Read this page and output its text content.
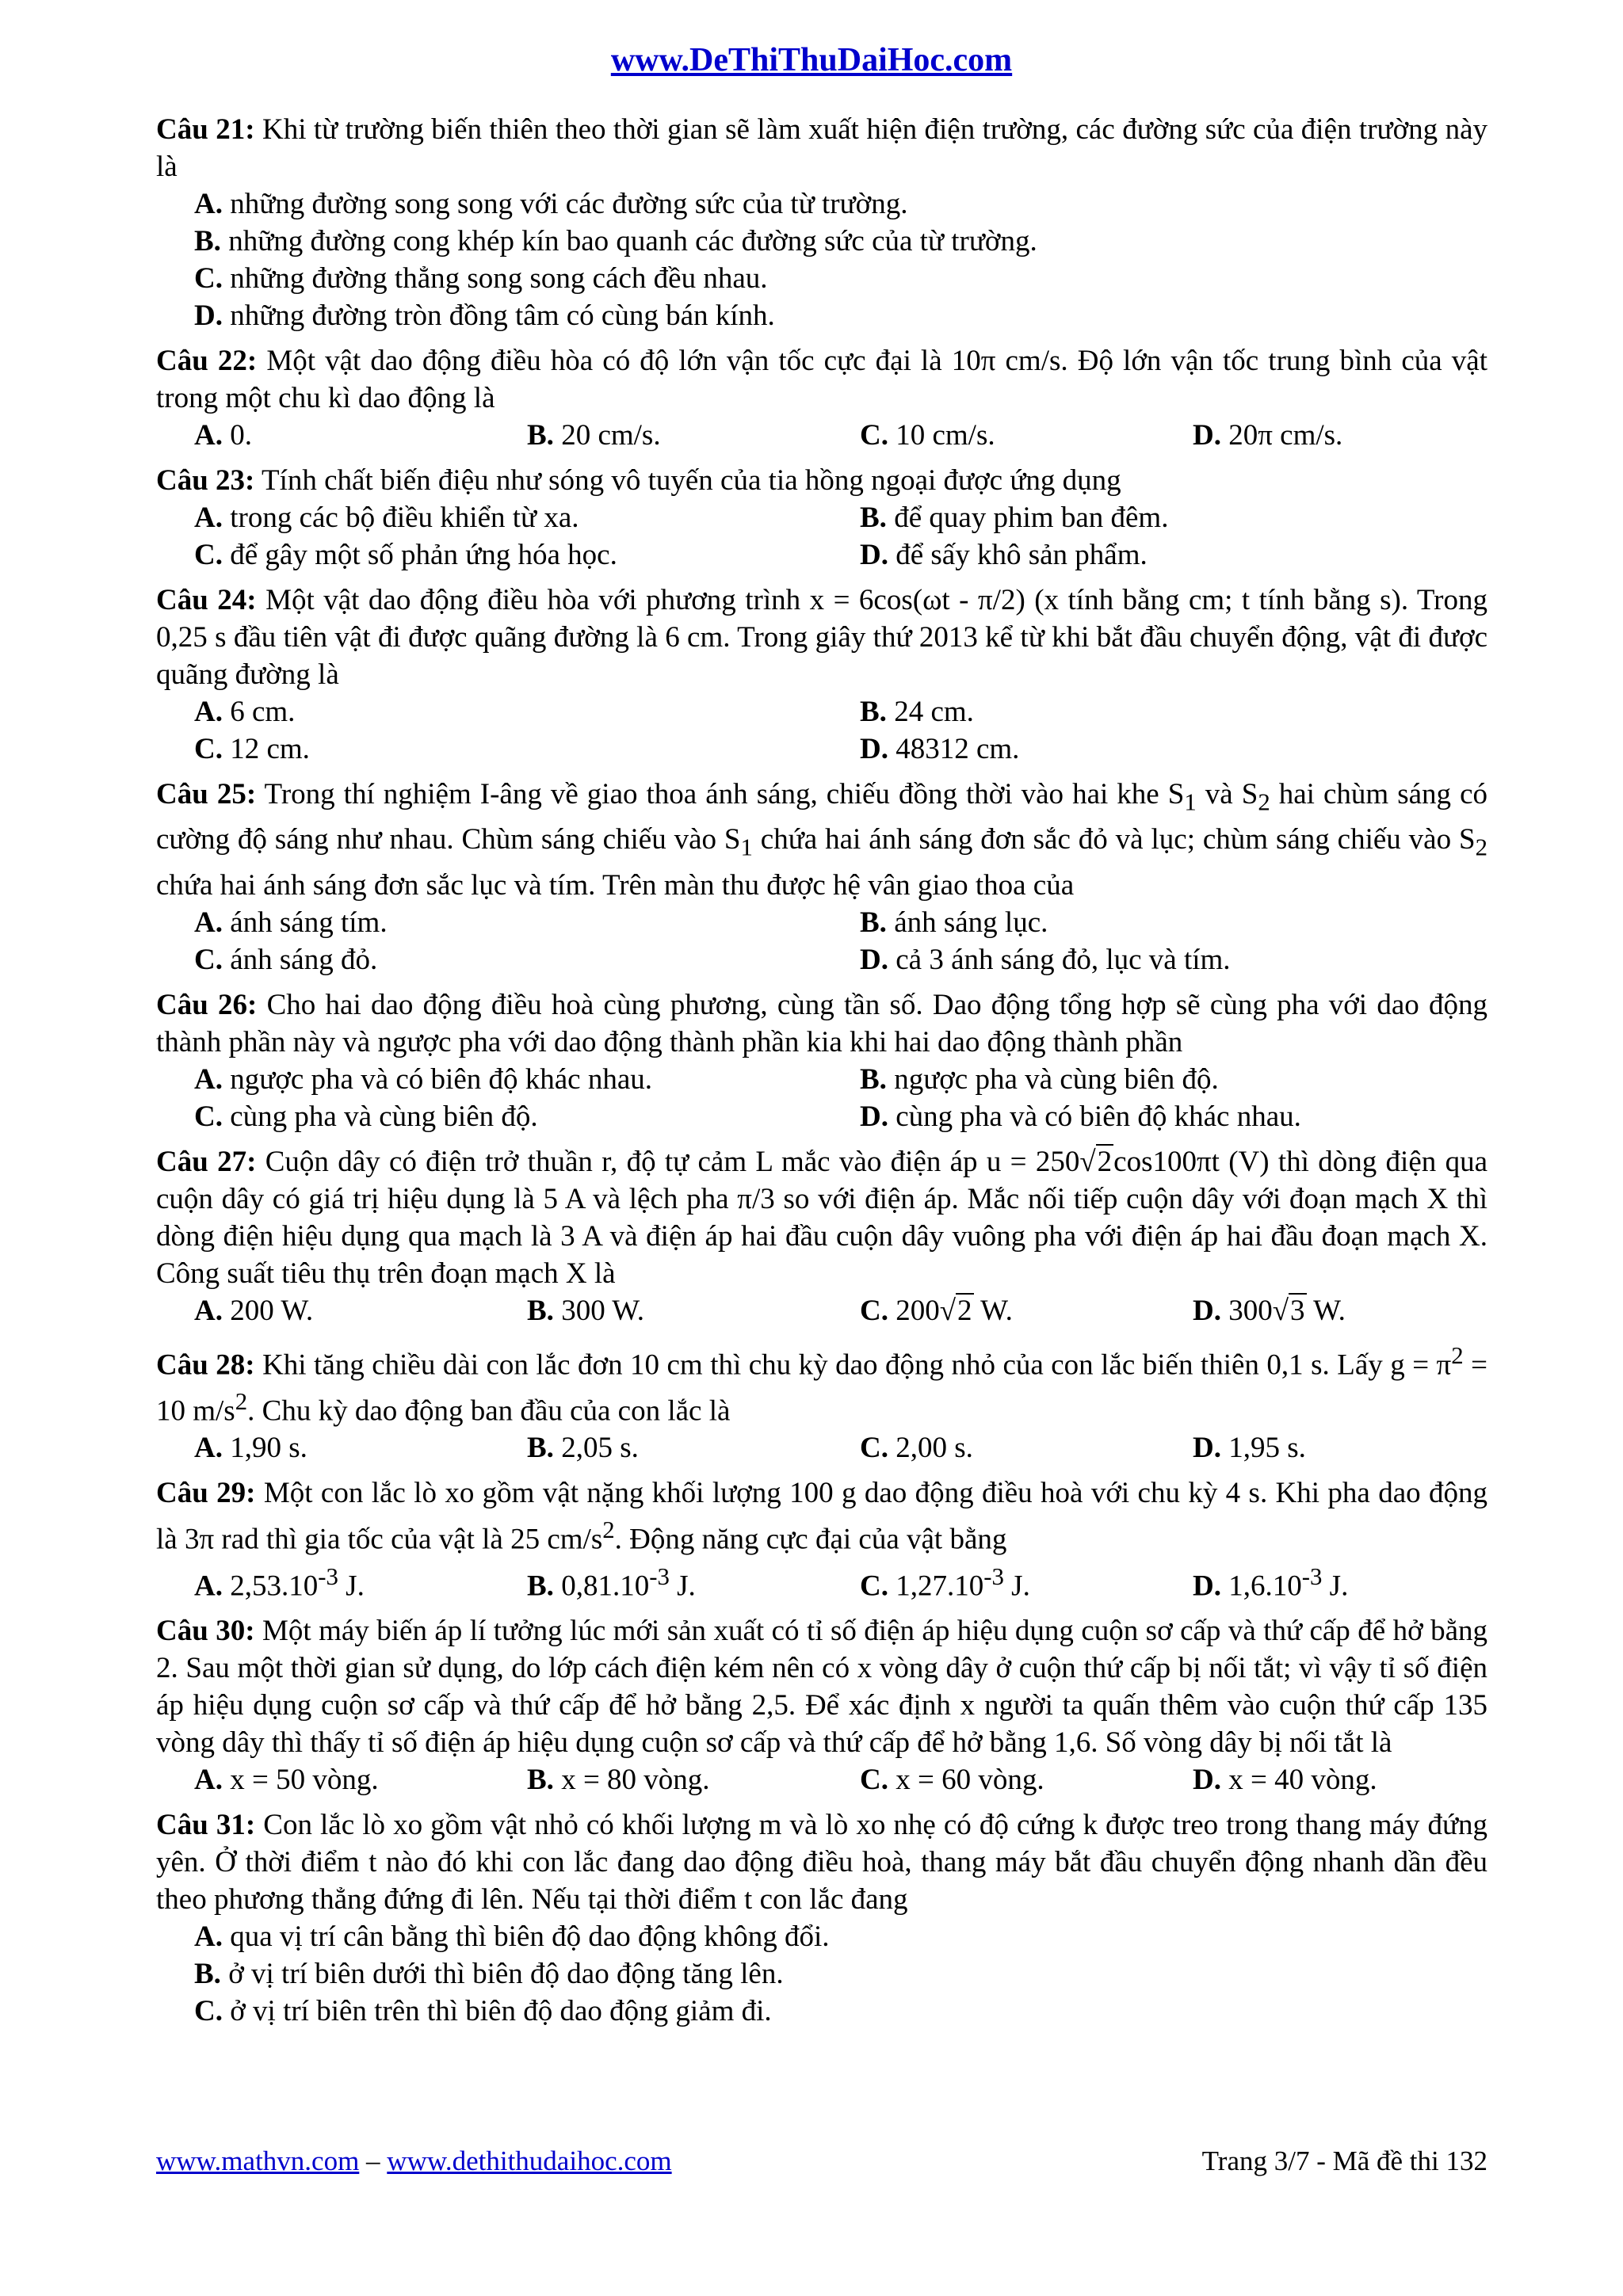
www.DeThiThuDaiHoc.com
Câu 21: Khi từ trường biến thiên theo thời gian sẽ làm xuất hiện điện trường, các đường sức của điện trường này là
A. những đường song song với các đường sức của từ trường.
B. những đường cong khép kín bao quanh các đường sức của từ trường.
C. những đường thẳng song song cách đều nhau.
D. những đường tròn đồng tâm có cùng bán kính.
Câu 22: Một vật dao động điều hòa có độ lớn vận tốc cực đại là 10π cm/s. Độ lớn vận tốc trung bình của vật trong một chu kì dao động là
A. 0.	B. 20 cm/s.	C. 10 cm/s.	D. 20π cm/s.
Câu 23: Tính chất biến điệu như sóng vô tuyến của tia hồng ngoại được ứng dụng
A. trong các bộ điều khiển từ xa.	B. để quay phim ban đêm.
C. để gây một số phản ứng hóa học.	D. để sấy khô sản phẩm.
Câu 24: Một vật dao động điều hòa với phương trình x = 6cos(ωt - π/2) (x tính bằng cm; t tính bằng s). Trong 0,25 s đầu tiên vật đi được quãng đường là 6 cm. Trong giây thứ 2013 kể từ khi bắt đầu chuyển động, vật đi được quãng đường là
A. 6 cm.	B. 24 cm.
C. 12 cm.	D. 48312 cm.
Câu 25: Trong thí nghiệm I-âng về giao thoa ánh sáng, chiếu đồng thời vào hai khe $S_1$ và $S_2$ hai chùm sáng có cường độ sáng như nhau. Chùm sáng chiếu vào $S_1$ chứa hai ánh sáng đơn sắc đỏ và lục; chùm sáng chiếu vào $S_2$ chứa hai ánh sáng đơn sắc lục và tím. Trên màn thu được hệ vân giao thoa của
A. ánh sáng tím.	B. ánh sáng lục.
C. ánh sáng đỏ.	D. cả 3 ánh sáng đỏ, lục và tím.
Câu 26: Cho hai dao động điều hoà cùng phương, cùng tần số. Dao động tổng hợp sẽ cùng pha với dao động thành phần này và ngược pha với dao động thành phần kia khi hai dao động thành phần
A. ngược pha và có biên độ khác nhau.	B. ngược pha và cùng biên độ.
C. cùng pha và cùng biên độ.	D. cùng pha và có biên độ khác nhau.
Câu 27: Cuộn dây có điện trở thuần r, độ tự cảm L mắc vào điện áp u = 250√2cos100πt (V) thì dòng điện qua cuộn dây có giá trị hiệu dụng là 5 A và lệch pha π/3 so với điện áp. Mắc nối tiếp cuộn dây với đoạn mạch X thì dòng điện hiệu dụng qua mạch là 3 A và điện áp hai đầu cuộn dây vuông pha với điện áp hai đầu đoạn mạch X. Công suất tiêu thụ trên đoạn mạch X là
A. 200 W.	B. 300 W.	C. 200√2 W.	D. 300√3 W.
Câu 28: Khi tăng chiều dài con lắc đơn 10 cm thì chu kỳ dao động nhỏ của con lắc biến thiên 0,1 s. Lấy $g = \pi^2 = 10$ $m/s^2$. Chu kỳ dao động ban đầu của con lắc là
A. 1,90 s.	B. 2,05 s.	C. 2,00 s.	D. 1,95 s.
Câu 29: Một con lắc lò xo gồm vật nặng khối lượng 100 g dao động điều hoà với chu kỳ 4 s. Khi pha dao động là 3π rad thì gia tốc của vật là 25 $cm/s^2$. Động năng cực đại của vật bằng
A. $2,53.10^{-3}$ J.	B. $0,81.10^{-3}$ J.	C. $1,27.10^{-3}$ J.	D. $1,6.10^{-3}$ J.
Câu 30: Một máy biến áp lí tưởng lúc mới sản xuất có tỉ số điện áp hiệu dụng cuộn sơ cấp và thứ cấp để hở bằng 2. Sau một thời gian sử dụng, do lớp cách điện kém nên có x vòng dây ở cuộn thứ cấp bị nối tắt; vì vậy tỉ số điện áp hiệu dụng cuộn sơ cấp và thứ cấp để hở bằng 2,5. Để xác định x người ta quấn thêm vào cuộn thứ cấp 135 vòng dây thì thấy tỉ số điện áp hiệu dụng cuộn sơ cấp và thứ cấp để hở bằng 1,6. Số vòng dây bị nối tắt là
A. x = 50 vòng.	B. x = 80 vòng.	C. x = 60 vòng.	D. x = 40 vòng.
Câu 31: Con lắc lò xo gồm vật nhỏ có khối lượng m và lò xo nhẹ có độ cứng k được treo trong thang máy đứng yên. Ở thời điểm t nào đó khi con lắc đang dao động điều hoà, thang máy bắt đầu chuyển động nhanh dần đều theo phương thẳng đứng đi lên. Nếu tại thời điểm t con lắc đang
A. qua vị trí cân bằng thì biên độ dao động không đổi.
B. ở vị trí biên dưới thì biên độ dao động tăng lên.
C. ở vị trí biên trên thì biên độ dao động giảm đi.
www.mathvn.com – www.dethithudaihoc.com	Trang 3/7 - Mã đề thi 132
